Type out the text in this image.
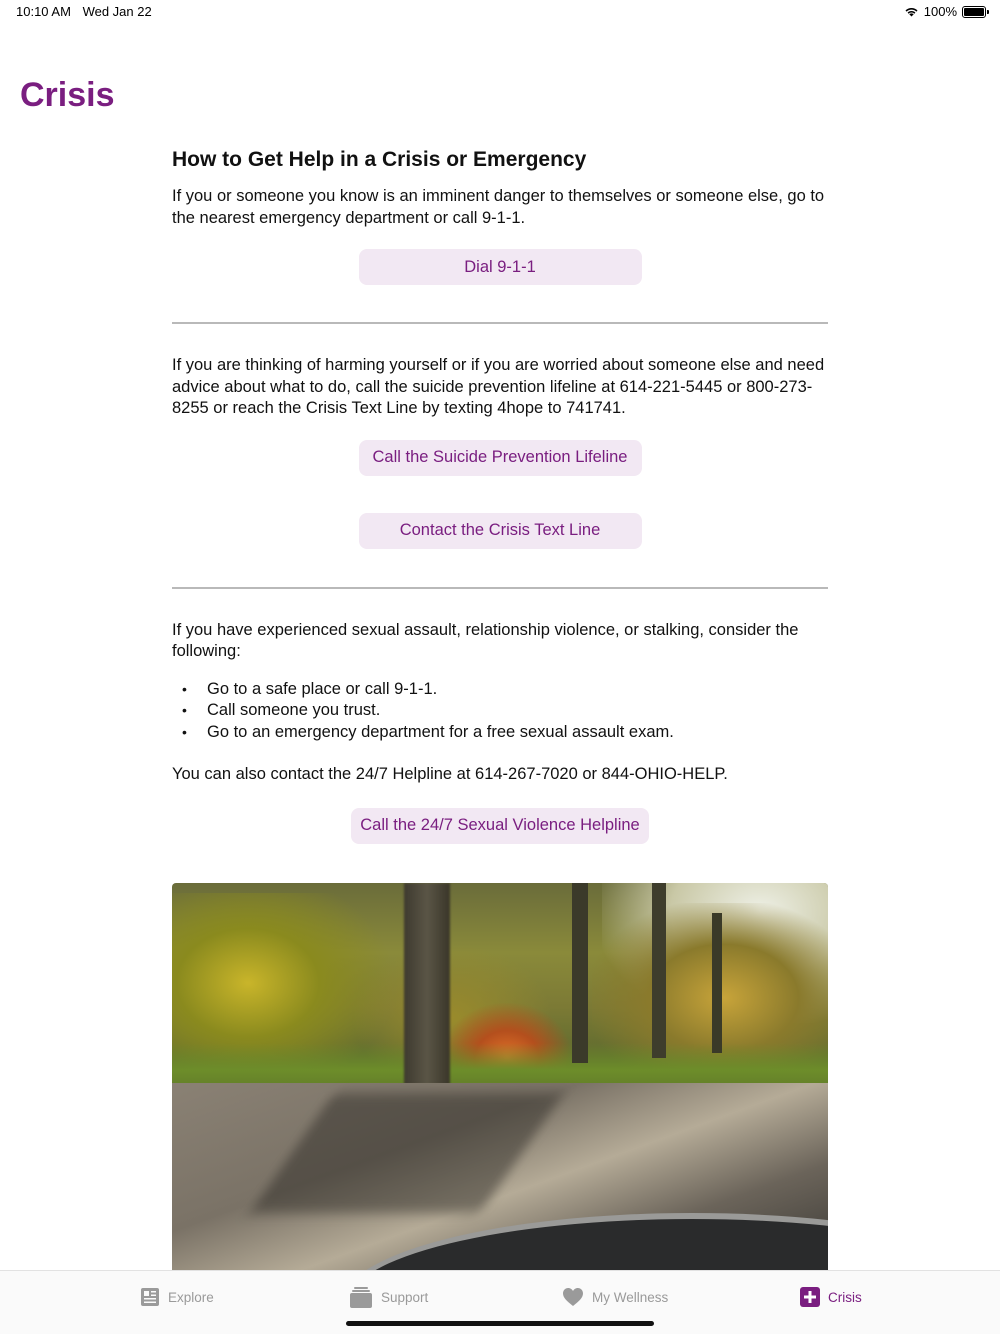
10:10 AM Wed Jan 22	100%
Crisis
How to Get Help in a Crisis or Emergency

If you or someone you know is an imminent danger to themselves or someone else, go to the nearest emergency department or call 9-1-1.

Dial 9-1-1

If you are thinking of harming yourself or if you are worried about someone else and need advice about what to do, call the suicide prevention lifeline at 614-221-5445 or 800-273-8255 or reach the Crisis Text Line by texting 4hope to 741741.

Call the Suicide Prevention Lifeline
Contact the Crisis Text Line

If you have experienced sexual assault, relationship violence, or stalking, consider the following:

• Go to a safe place or call 9-1-1.
• Call someone you trust.
• Go to an emergency department for a free sexual assault exam.

You can also contact the 24/7 Helpline at 614-267-7020 or 844-OHIO-HELP.

Call the 24/7 Sexual Violence Helpline
Explore	Support	My Wellness	Crisis
